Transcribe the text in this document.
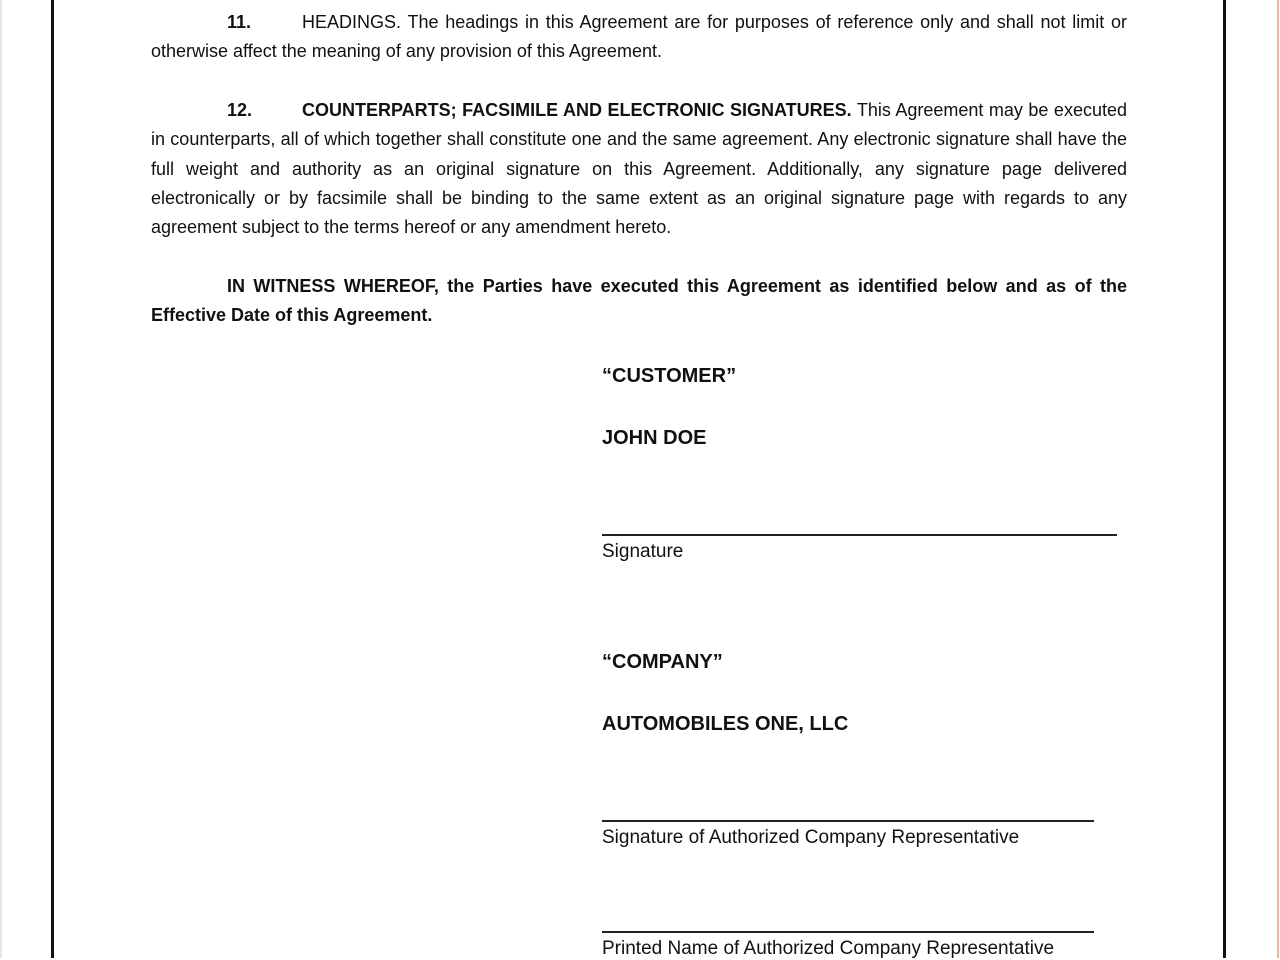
11.	HEADINGS. The headings in this Agreement are for purposes of reference only and shall not limit or otherwise affect the meaning of any provision of this Agreement.
12.	COUNTERPARTS; FACSIMILE AND ELECTRONIC SIGNATURES. This Agreement may be executed in counterparts, all of which together shall constitute one and the same agreement. Any electronic signature shall have the full weight and authority as an original signature on this Agreement. Additionally, any signature page delivered electronically or by facsimile shall be binding to the same extent as an original signature page with regards to any agreement subject to the terms hereof or any amendment hereto.
IN WITNESS WHEREOF, the Parties have executed this Agreement as identified below and as of the Effective Date of this Agreement.
“CUSTOMER”
JOHN DOE
Signature
“COMPANY”
AUTOMOBILES ONE, LLC
Signature of Authorized Company Representative
Printed Name of Authorized Company Representative
